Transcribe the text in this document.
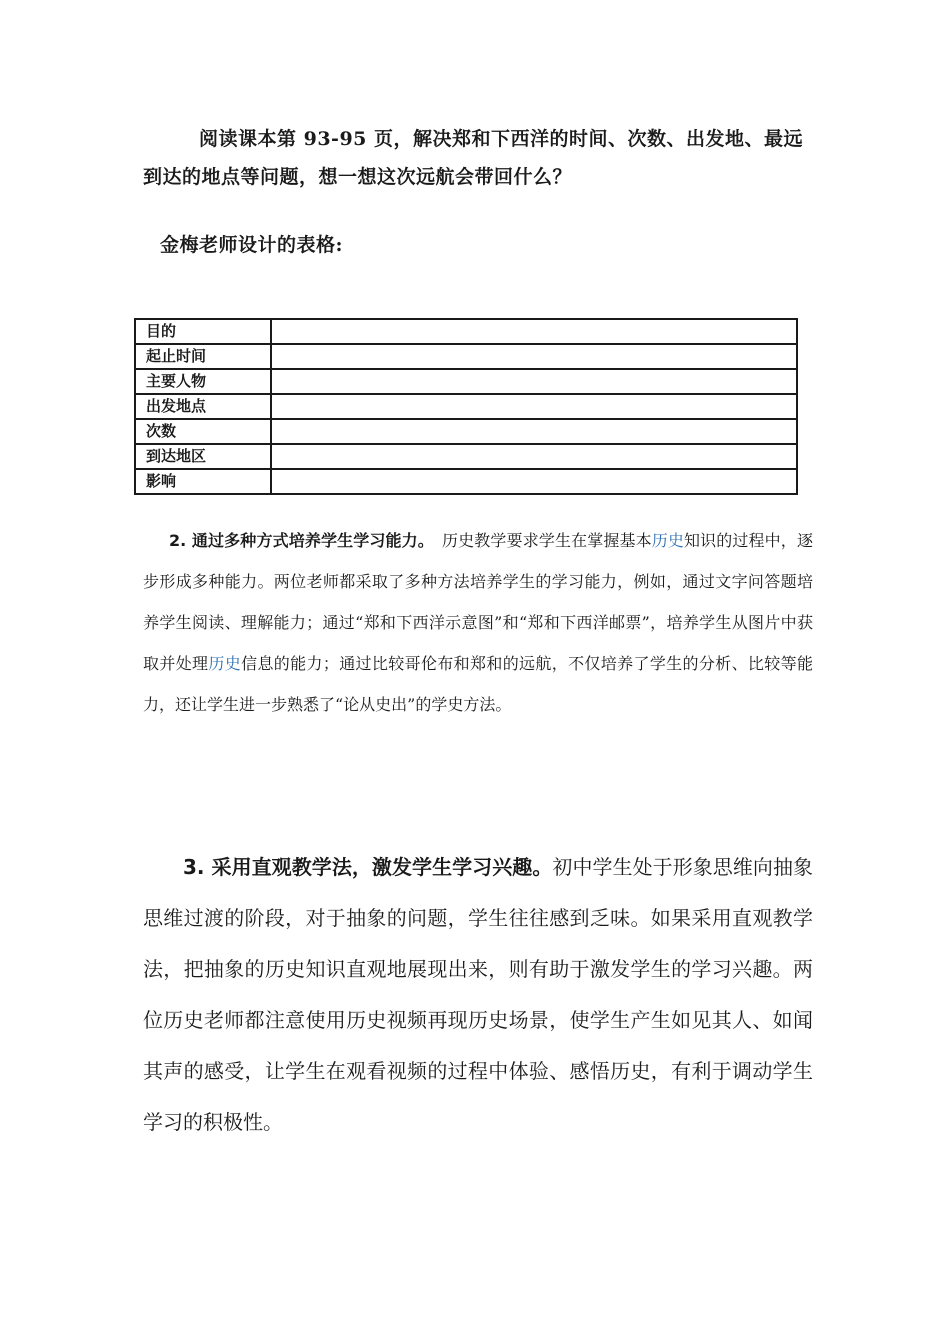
阅读课本第 93-95 页，解决郑和下西洋的时间、次数、出发地、最远到达的地点等问题，想一想这次远航会带回什么？

金梅老师设计的表格:
目的	
起止时间	
主要人物	
出发地点	
次数	
到达地区	
影响	

2. 通过多种方式培养学生学习能力。　 历史教学要求学生在掌握基本历史知识的过程中，逐步形成多种能力。两位老师都采取了多种方法培养学生的学习能力，例如，通过文字问答题培养学生阅读、理解能力；通过“郑和下西洋示意图”和“郑和下西洋邮票”，培养学生从图片中获取并处理历史信息的能力；通过比较哥伦布和郑和的远航，不仅培养了学生的分析、比较等能力，还让学生进一步熟悉了“论从史出”的学史方法。

3. 采用直观教学法，激发学生学习兴趣。初中学生处于形象思维向抽象思维过渡的阶段，对于抽象的问题，学生往往感到乏味。如果采用直观教学法，把抽象的历史知识直观地展现出来，则有助于激发学生的学习兴趣。两位历史老师都注意使用历史视频再现历史场景，使学生产生如见其人、如闻其声的感受，让学生在观看视频的过程中体验、感悟历史，有利于调动学生学习的积极性。
